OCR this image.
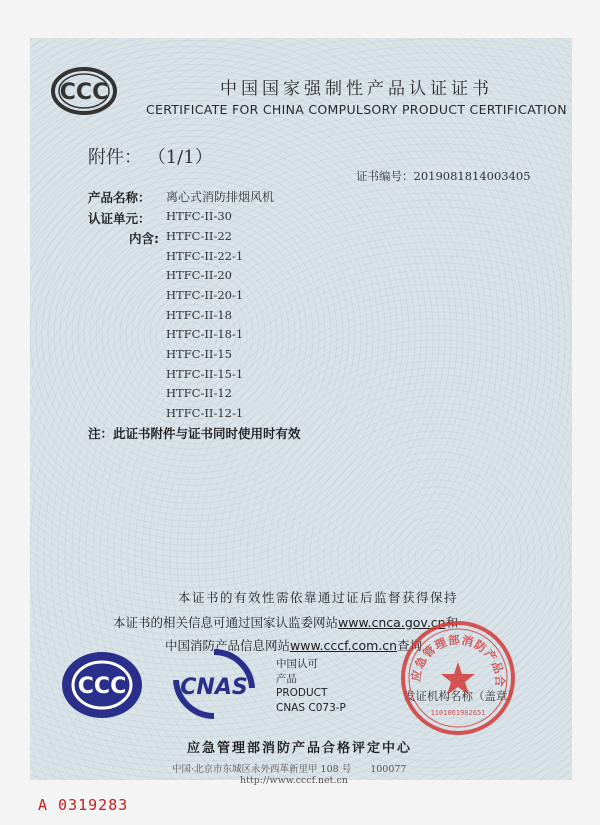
CCC	中国国家强制性产品认证证书

CERTIFICATE FOR CHINA COMPULSORY PRODUCT CERTIFICATION

附件： （1/1）

证书编号：2019081814003405

产品名称： 离心式消防排烟风机

认证单元： HTFC-II-30

内含: HTFC-II-22

HTFC-II-22-1

HTFC-II-20

HTFC-II-20-1

HTFC-II-18

HTFC-II-18-1

HTFC-II-15

HTFC-II-15-1

HTFC-II-12

HTFC-II-12-1

注：此证书附件与证书同时使用时有效

本证书的有效性需依靠通过证后监督获得保持

本证书的相关信息可通过国家认监委网站www.cnca.gov.cn和

中国消防产品信息网站www.cccf.com.cn查询

CCC CNAS

中国认可

产品

PRODUCT

CNAS C073-P

发证机构名称（盖章）

应急管理部消防产品合
1101061982651

应急管理部消防产品合格评定中心

中国·北京市东城区永外西革新里甲 108 号　　100077

http://www.cccf.net.cn

A 0319283
